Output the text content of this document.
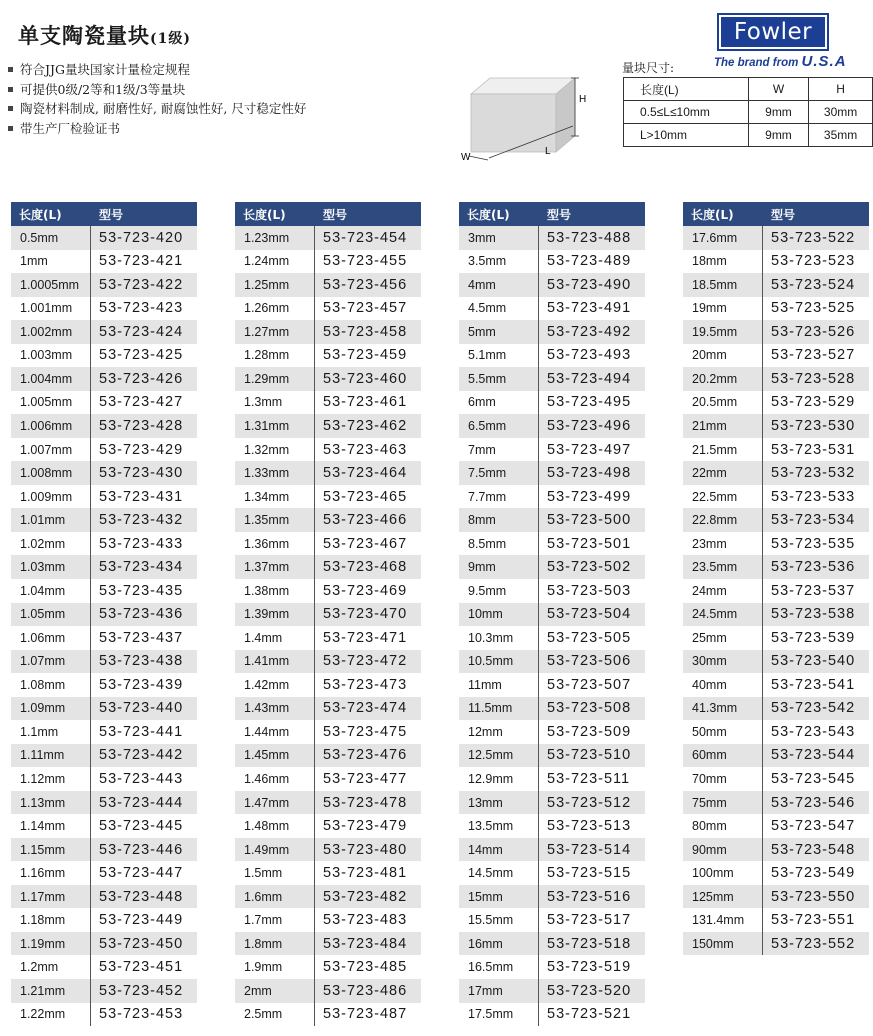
单支陶瓷量块(1级)
符合JJG量块国家计量检定规程
可提供0级/2等和1级/3等量块
陶瓷材料制成, 耐磨性好, 耐腐蚀性好, 尺寸稳定性好
带生产厂检验证书
H
L
W
Fowler
The brand from U.S.A
量块尺寸:
长度(L)	W	H
0.5≤L≤10mm	9mm	30mm
L>10mm	9mm	35mm
长度(L)	型号
0.5mm	53-723-420
1mm	53-723-421
1.0005mm	53-723-422
1.001mm	53-723-423
1.002mm	53-723-424
1.003mm	53-723-425
1.004mm	53-723-426
1.005mm	53-723-427
1.006mm	53-723-428
1.007mm	53-723-429
1.008mm	53-723-430
1.009mm	53-723-431
1.01mm	53-723-432
1.02mm	53-723-433
1.03mm	53-723-434
1.04mm	53-723-435
1.05mm	53-723-436
1.06mm	53-723-437
1.07mm	53-723-438
1.08mm	53-723-439
1.09mm	53-723-440
1.1mm	53-723-441
1.11mm	53-723-442
1.12mm	53-723-443
1.13mm	53-723-444
1.14mm	53-723-445
1.15mm	53-723-446
1.16mm	53-723-447
1.17mm	53-723-448
1.18mm	53-723-449
1.19mm	53-723-450
1.2mm	53-723-451
1.21mm	53-723-452
1.22mm	53-723-453
长度(L)	型号
1.23mm	53-723-454
1.24mm	53-723-455
1.25mm	53-723-456
1.26mm	53-723-457
1.27mm	53-723-458
1.28mm	53-723-459
1.29mm	53-723-460
1.3mm	53-723-461
1.31mm	53-723-462
1.32mm	53-723-463
1.33mm	53-723-464
1.34mm	53-723-465
1.35mm	53-723-466
1.36mm	53-723-467
1.37mm	53-723-468
1.38mm	53-723-469
1.39mm	53-723-470
1.4mm	53-723-471
1.41mm	53-723-472
1.42mm	53-723-473
1.43mm	53-723-474
1.44mm	53-723-475
1.45mm	53-723-476
1.46mm	53-723-477
1.47mm	53-723-478
1.48mm	53-723-479
1.49mm	53-723-480
1.5mm	53-723-481
1.6mm	53-723-482
1.7mm	53-723-483
1.8mm	53-723-484
1.9mm	53-723-485
2mm	53-723-486
2.5mm	53-723-487
长度(L)	型号
3mm	53-723-488
3.5mm	53-723-489
4mm	53-723-490
4.5mm	53-723-491
5mm	53-723-492
5.1mm	53-723-493
5.5mm	53-723-494
6mm	53-723-495
6.5mm	53-723-496
7mm	53-723-497
7.5mm	53-723-498
7.7mm	53-723-499
8mm	53-723-500
8.5mm	53-723-501
9mm	53-723-502
9.5mm	53-723-503
10mm	53-723-504
10.3mm	53-723-505
10.5mm	53-723-506
11mm	53-723-507
11.5mm	53-723-508
12mm	53-723-509
12.5mm	53-723-510
12.9mm	53-723-511
13mm	53-723-512
13.5mm	53-723-513
14mm	53-723-514
14.5mm	53-723-515
15mm	53-723-516
15.5mm	53-723-517
16mm	53-723-518
16.5mm	53-723-519
17mm	53-723-520
17.5mm	53-723-521
长度(L)	型号
17.6mm	53-723-522
18mm	53-723-523
18.5mm	53-723-524
19mm	53-723-525
19.5mm	53-723-526
20mm	53-723-527
20.2mm	53-723-528
20.5mm	53-723-529
21mm	53-723-530
21.5mm	53-723-531
22mm	53-723-532
22.5mm	53-723-533
22.8mm	53-723-534
23mm	53-723-535
23.5mm	53-723-536
24mm	53-723-537
24.5mm	53-723-538
25mm	53-723-539
30mm	53-723-540
40mm	53-723-541
41.3mm	53-723-542
50mm	53-723-543
60mm	53-723-544
70mm	53-723-545
75mm	53-723-546
80mm	53-723-547
90mm	53-723-548
100mm	53-723-549
125mm	53-723-550
131.4mm	53-723-551
150mm	53-723-552
